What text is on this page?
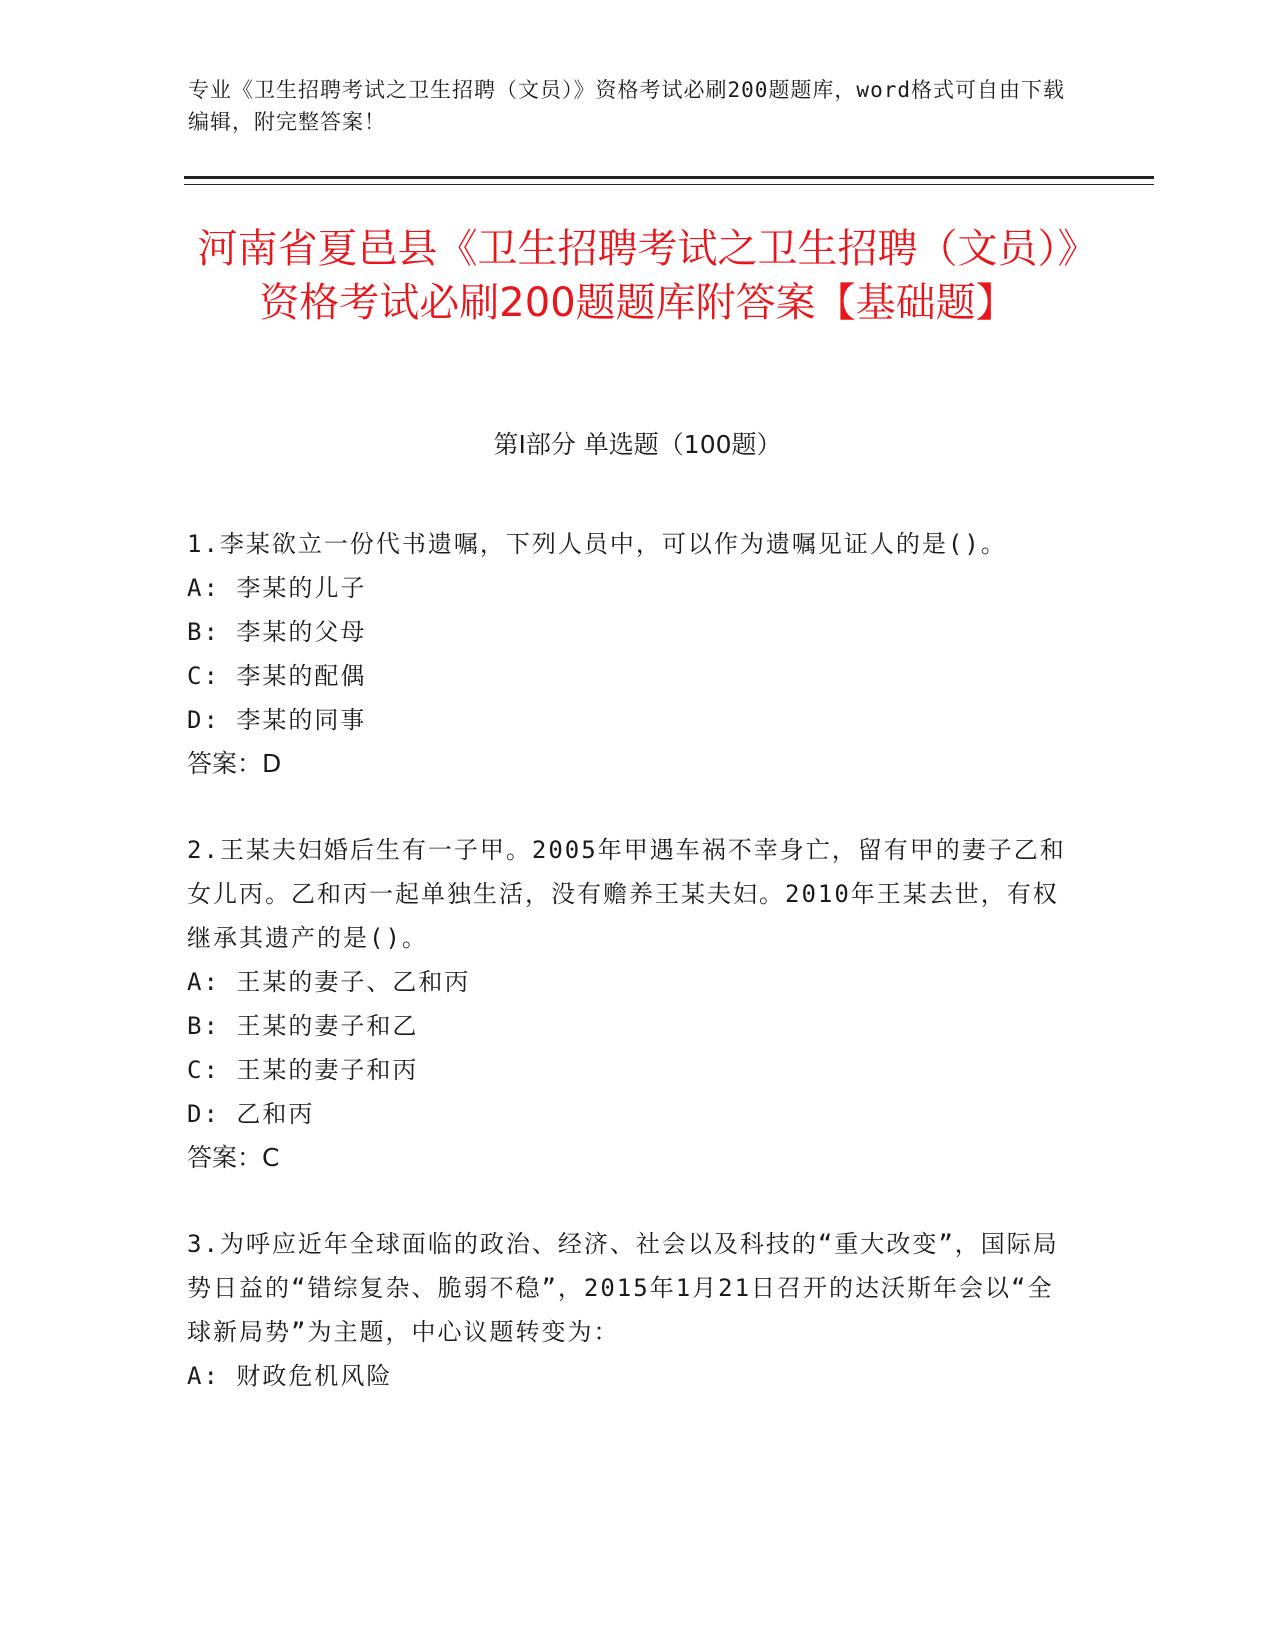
专业《卫生招聘考试之卫生招聘（文员）》资格考试必刷200题题库，word格式可自由下载编辑，附完整答案！
河南省夏邑县《卫生招聘考试之卫生招聘（文员）》资格考试必刷200题题库附答案【基础题】
第I部分 单选题（100题）
1.李某欲立一份代书遗嘱，下列人员中，可以作为遗嘱见证人的是()。
A: 李某的儿子
B: 李某的父母
C: 李某的配偶
D: 李某的同事
答案：D
2.王某夫妇婚后生有一子甲。2005年甲遇车祸不幸身亡，留有甲的妻子乙和女儿丙。乙和丙一起单独生活，没有赡养王某夫妇。2010年王某去世，有权继承其遗产的是()。
A: 王某的妻子、乙和丙
B: 王某的妻子和乙
C: 王某的妻子和丙
D: 乙和丙
答案：C
3.为呼应近年全球面临的政治、经济、社会以及科技的“重大改变”，国际局势日益的“错综复杂、脆弱不稳”，2015年1月21日召开的达沃斯年会以“全球新局势”为主题，中心议题转变为：
A: 财政危机风险
